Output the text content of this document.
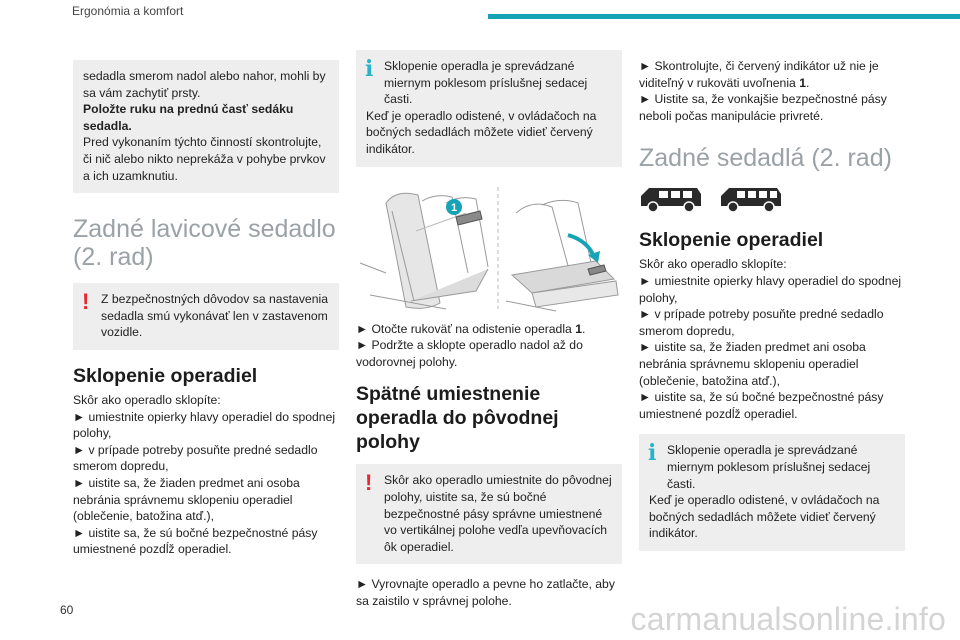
Ergonómia a komfort

sedadla smerom nadol alebo nahor, mohli by sa vám zachytiť prsty.

Položte ruku na prednú časť sedáku sedadla.

Pred vykonaním týchto činností skontrolujte, či nič alebo nikto neprekáža v pohybe prvkov a ich uzamknutiu.

Zadné lavicové sedadlo (2. rad)
! Z bezpečnostných dôvodov sa nastavenia sedadla smú vykonávať len v zastavenom vozidle.

Sklopenie operadiel

Skôr ako operadlo sklopíte:

► umiestnite opierky hlavy operadiel do spodnej polohy,

► v prípade potreby posuňte predné sedadlo smerom dopredu,

► uistite sa, že žiaden predmet ani osoba nebránia správnemu sklopeniu operadiel (oblečenie, batožina atď.),

► uistite sa, že sú bočné bezpečnostné pásy umiestnené pozdĺž operadiel.

i Sklopenie operadla je sprevádzané miernym poklesom príslušnej sedacej časti.

Keď je operadlo odistené, v ovládačoch na bočných sedadlách môžete vidieť červený indikátor.

1

► Otočte rukoväť na odistenie operadla 1.

► Podržte a sklopte operadlo nadol až do vodorovnej polohy.

Spätné umiestnenie operadla do pôvodnej polohy
! Skôr ako operadlo umiestnite do pôvodnej polohy, uistite sa, že sú bočné bezpečnostné pásy správne umiestnené vo vertikálnej polohe vedľa upevňovacích ôk operadiel.

► Vyrovnajte operadlo a pevne ho zatlačte, aby sa zaistilo v správnej polohe.

► Skontrolujte, či červený indikátor už nie je viditeľný v rukoväti uvoľnenia 1.

► Uistite sa, že vonkajšie bezpečnostné pásy neboli počas manipulácie privreté.

Zadné sedadlá (2. rad)
Sklopenie operadiel

Skôr ako operadlo sklopíte:

► umiestnite opierky hlavy operadiel do spodnej polohy,

► v prípade potreby posuňte predné sedadlo smerom dopredu,

► uistite sa, že žiaden predmet ani osoba nebránia správnemu sklopeniu operadiel (oblečenie, batožina atď.),

► uistite sa, že sú bočné bezpečnostné pásy umiestnené pozdĺž operadiel.

i Sklopenie operadla je sprevádzané miernym poklesom príslušnej sedacej časti.

Keď je operadlo odistené, v ovládačoch na bočných sedadlách môžete vidieť červený indikátor.

60	carmanualsonline.info
